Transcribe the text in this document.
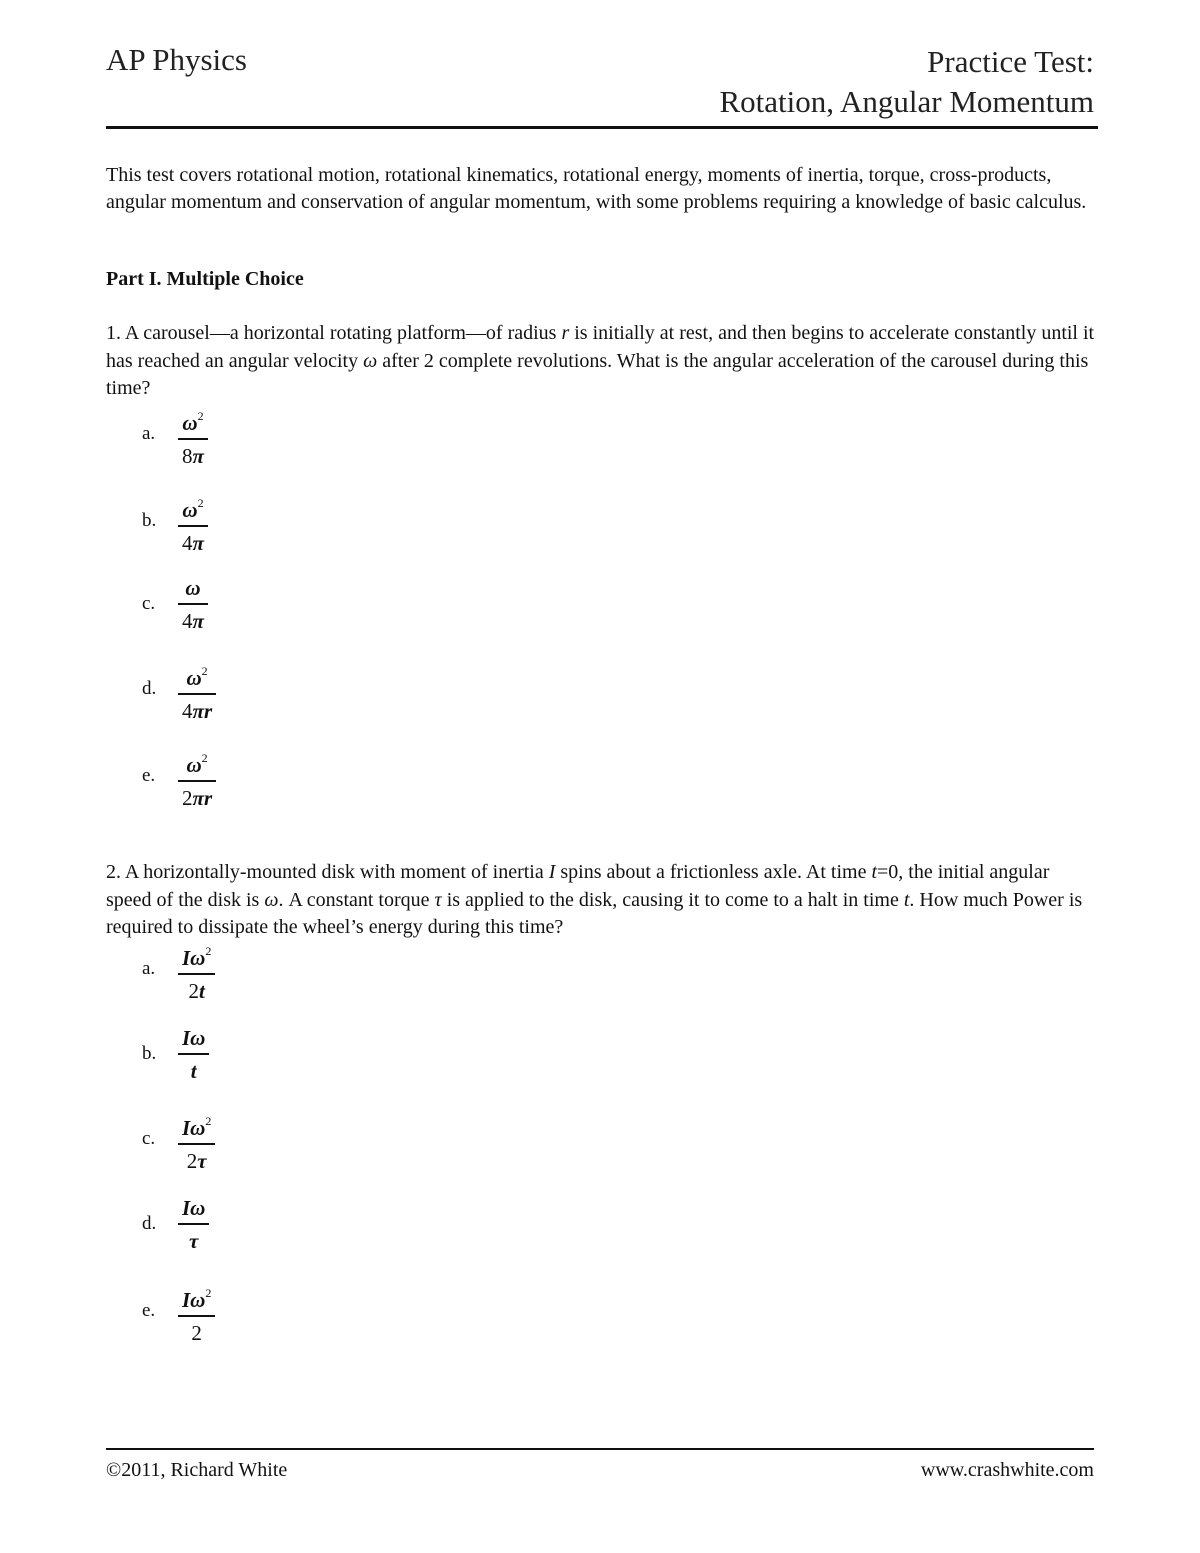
AP Physics	Practice Test:
Rotation, Angular Momentum
This test covers rotational motion, rotational kinematics, rotational energy, moments of inertia, torque, cross-products, angular momentum and conservation of angular momentum, with some problems requiring a knowledge of basic calculus.
Part I. Multiple Choice
1. A carousel—a horizontal rotating platform—of radius r is initially at rest, and then begins to accelerate constantly until it has reached an angular velocity ω after 2 complete revolutions. What is the angular acceleration of the carousel during this time?
a. $\omega^2$
8π
b. $\omega^2$
4π
c.
ω
4π
d.	$\omega^2$
4πr
e.	$\omega^2$
2πr
2. A horizontally-mounted disk with moment of inertia I spins about a frictionless axle. At time t=0, the initial angular speed of the disk is ω. A constant torque τ is applied to the disk, causing it to come to a halt in time t. How much Power is required to dissipate the wheel’s energy during this time?
a. $I\omega^2$
2t
b.
Iω
t
c. $I\omega^2$
2τ
d.
Iω
τ
e. $I\omega^2$
2
©2011, Richard White	www.crashwhite.com
